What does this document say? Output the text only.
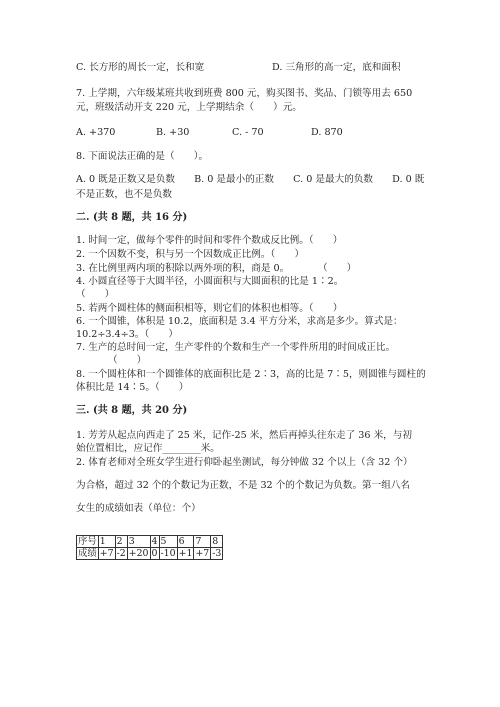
C. 长方形的周长一定，长和宽	D. 三角形的高一定，底和面积
7. 上学期，六年级某班共收到班费 800 元，购买图书、奖品、门锁等用去 650
元，班级活动开支 220 元，上学期结余（　　）元。
A. +370	B. +30	C. - 70	D. 870
8. 下面说法正确的是（　　）。
A. 0 既是正数又是负数　　B. 0 是最小的正数　　C. 0 是最大的负数　　D. 0 既
不是正数，也不是负数
二. (共 8 题，共 16 分)
1. 时间一定，做每个零件的时间和零件个数成反比例。（　　）
2. 一个因数不变，积与另一个因数成正比例。（　　）
3. 在比例里两内项的积除以两外项的积，商是 0。　　　　（　　）
4. 小圆直径等于大圆半径，小圆面积与大圆面积的比是 1∶2。
（　　）
5. 若两个圆柱体的侧面积相等，则它们的体积也相等。（　　）
6. 一个圆锥，体积是 10.2，底面积是 3.4 平方分米，求高是多少。算式是：
10.2÷3.4÷3。（　　）
7. 生产的总时间一定，生产零件的个数和生产一个零件所用的时间成正比。
（　　）
8. 一个圆柱体和一个圆锥体的底面积比是 2∶3，高的比是 7∶5，则圆锥与圆柱的
体积比是 14∶5。（　　）
三. (共 8 题，共 20 分)
1. 芳芳从起点向西走了 25 米，记作-25 米，然后再掉头往东走了 36 米，与初
始位置相比，应记作________米。
2. 体育老师对全班女学生进行仰卧起坐测试，每分钟做 32 个以上（含 32 个）
为合格，超过 32 个的个数记为正数，不是 32 个的个数记为负数。第一组八名
女生的成绩如表（单位：个）
序号	1	2	3	4	5	6	7	8
成绩	+7	-2	+20	0	-10	+1	+7	-3
